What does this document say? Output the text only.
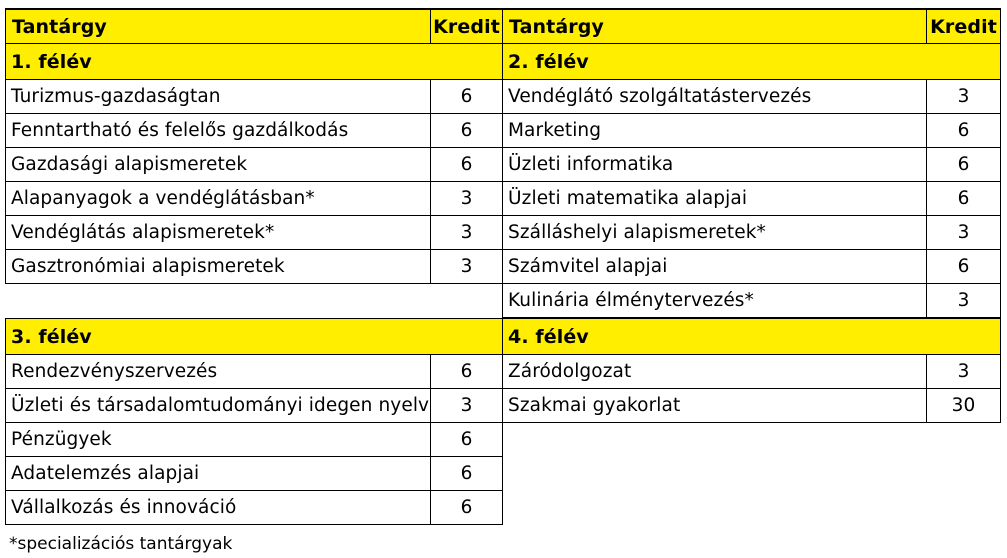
Tantárgy	Kredit Tantárgy	Kredit
1. félév
Turizmus-gazdaságtan	6
Fenntartható és felelős gazdálkodás	6
Gazdasági alapismeretek	6
Alapanyagok a vendéglátásban*	3
Vendéglátás alapismeretek*	3
Gasztronómiai alapismeretek	3
2. félév
Vendéglátó szolgáltatástervezés	3
Marketing	6
Üzleti informatika	6
Üzleti matematika alapjai	6
Szálláshelyi alapismeretek*	3
Számvitel alapjai	6
Kulinária élménytervezés*	3
3. félév
Rendezvényszervezés	6
Üzleti és társadalomtudományi idegen nyelv	3
Pénzügyek	6
Adatelemzés alapjai	6
Vállalkozás és innováció	6
4. félév
Záródolgozat	3
Szakmai gyakorlat	30
*specializációs tantárgyak
